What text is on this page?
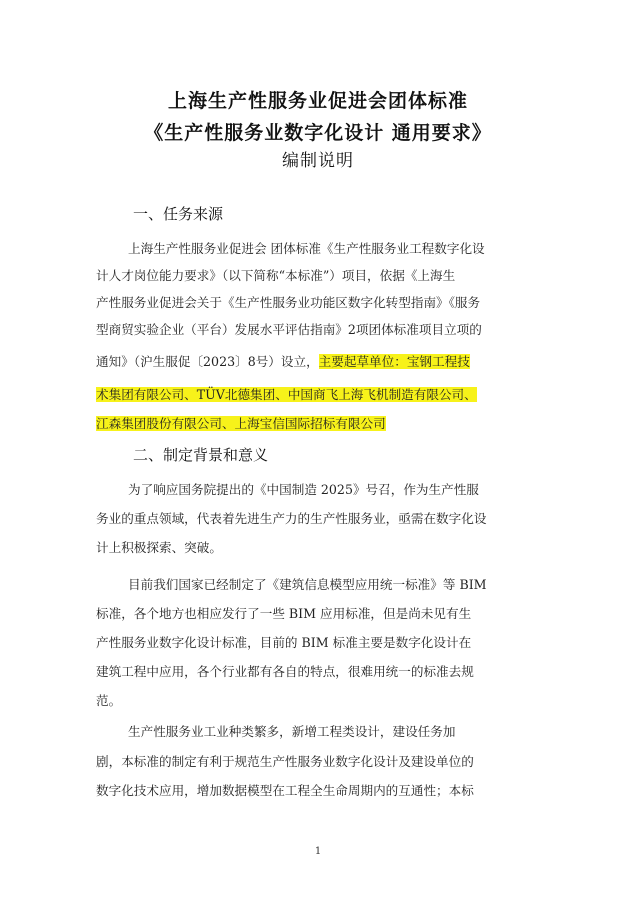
上海生产性服务业促进会团体标准
《生产性服务业数字化设计 通用要求》
编制说明
一、任务来源
上海生产性服务业促进会 团体标准《生产性服务业工程数字化设
计人才岗位能力要求》（以下简称“本标准”）项目，依据《上海生
产性服务业促进会关于《生产性服务业功能区数字化转型指南》《服务
型商贸实验企业（平台）发展水平评估指南》2项团体标准项目立项的
通知》（沪生服促〔2023〕8号）设立，主要起草单位：宝钢工程技
术集团有限公司、TÜV北德集团、中国商飞上海飞机制造有限公司、
江森集团股份有限公司、上海宝信国际招标有限公司
二、制定背景和意义
为了响应国务院提出的《中国制造 2025》号召，作为生产性服
务业的重点领域，代表着先进生产力的生产性服务业，亟需在数字化设
计上积极探索、突破。
目前我们国家已经制定了《建筑信息模型应用统一标准》等 BIM
标准，各个地方也相应发行了一些 BIM 应用标准，但是尚未见有生
产性服务业数字化设计标准，目前的 BIM 标准主要是数字化设计在
建筑工程中应用，各个行业都有各自的特点，很难用统一的标准去规
范。
生产性服务业工业种类繁多，新增工程类设计，建设任务加
剧，本标准的制定有利于规范生产性服务业数字化设计及建设单位的
数字化技术应用，增加数据模型在工程全生命周期内的互通性；本标
1
